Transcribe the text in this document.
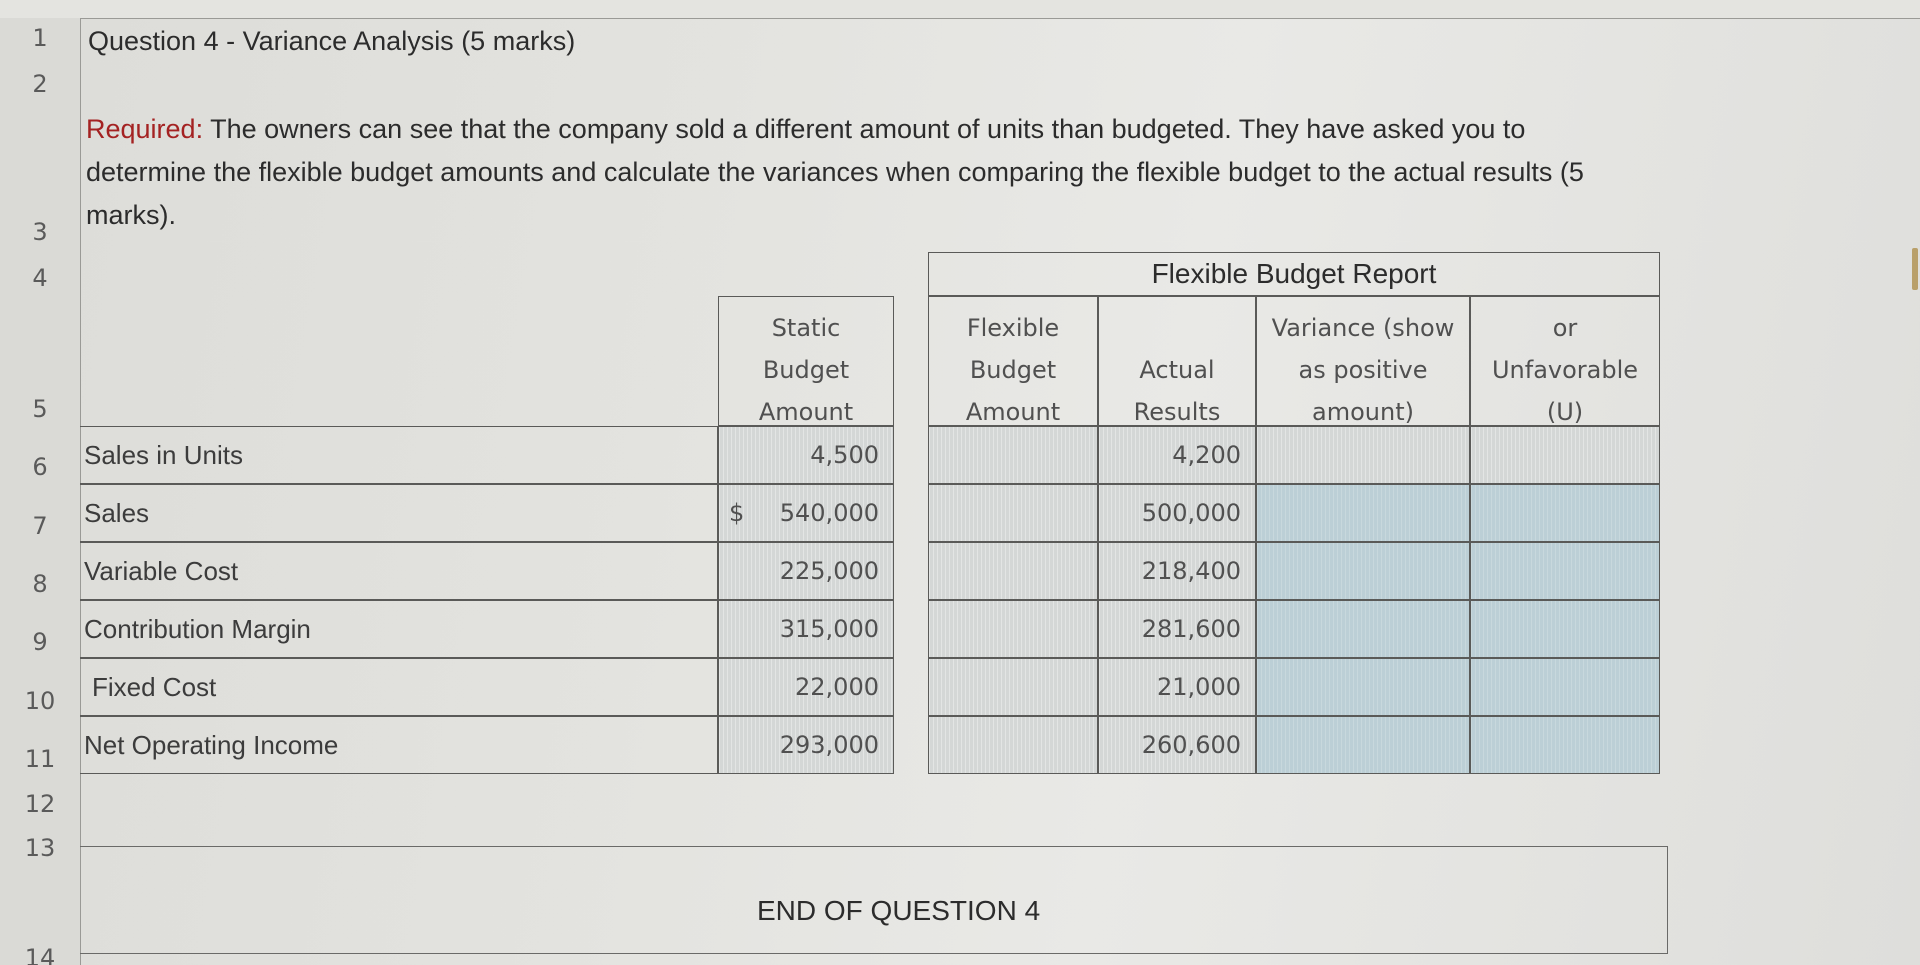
1
2
3
4
5
6
7
8
9
10
11
12
13
14
Question 4 - Variance Analysis (5 marks)
Required: The owners can see that the company sold a different amount of units than budgeted. They have asked you to determine the flexible budget amounts and calculate the variances when comparing the flexible budget to the actual results (5 marks).
Static
Budget
Amount
Sales in Units
Sales
Variable Cost
Contribution Margin
Fixed Cost
Net Operating Income
4,500
$ 540,000
225,000
315,000
22,000
293,000
Flexible Budget Report
Flexible
Budget
Amount
Actual
Results
Variance (show
as positive
amount)
or
Unfavorable
(U)
4,200
500,000
218,400
281,600
21,000
260,600
END OF QUESTION 4
